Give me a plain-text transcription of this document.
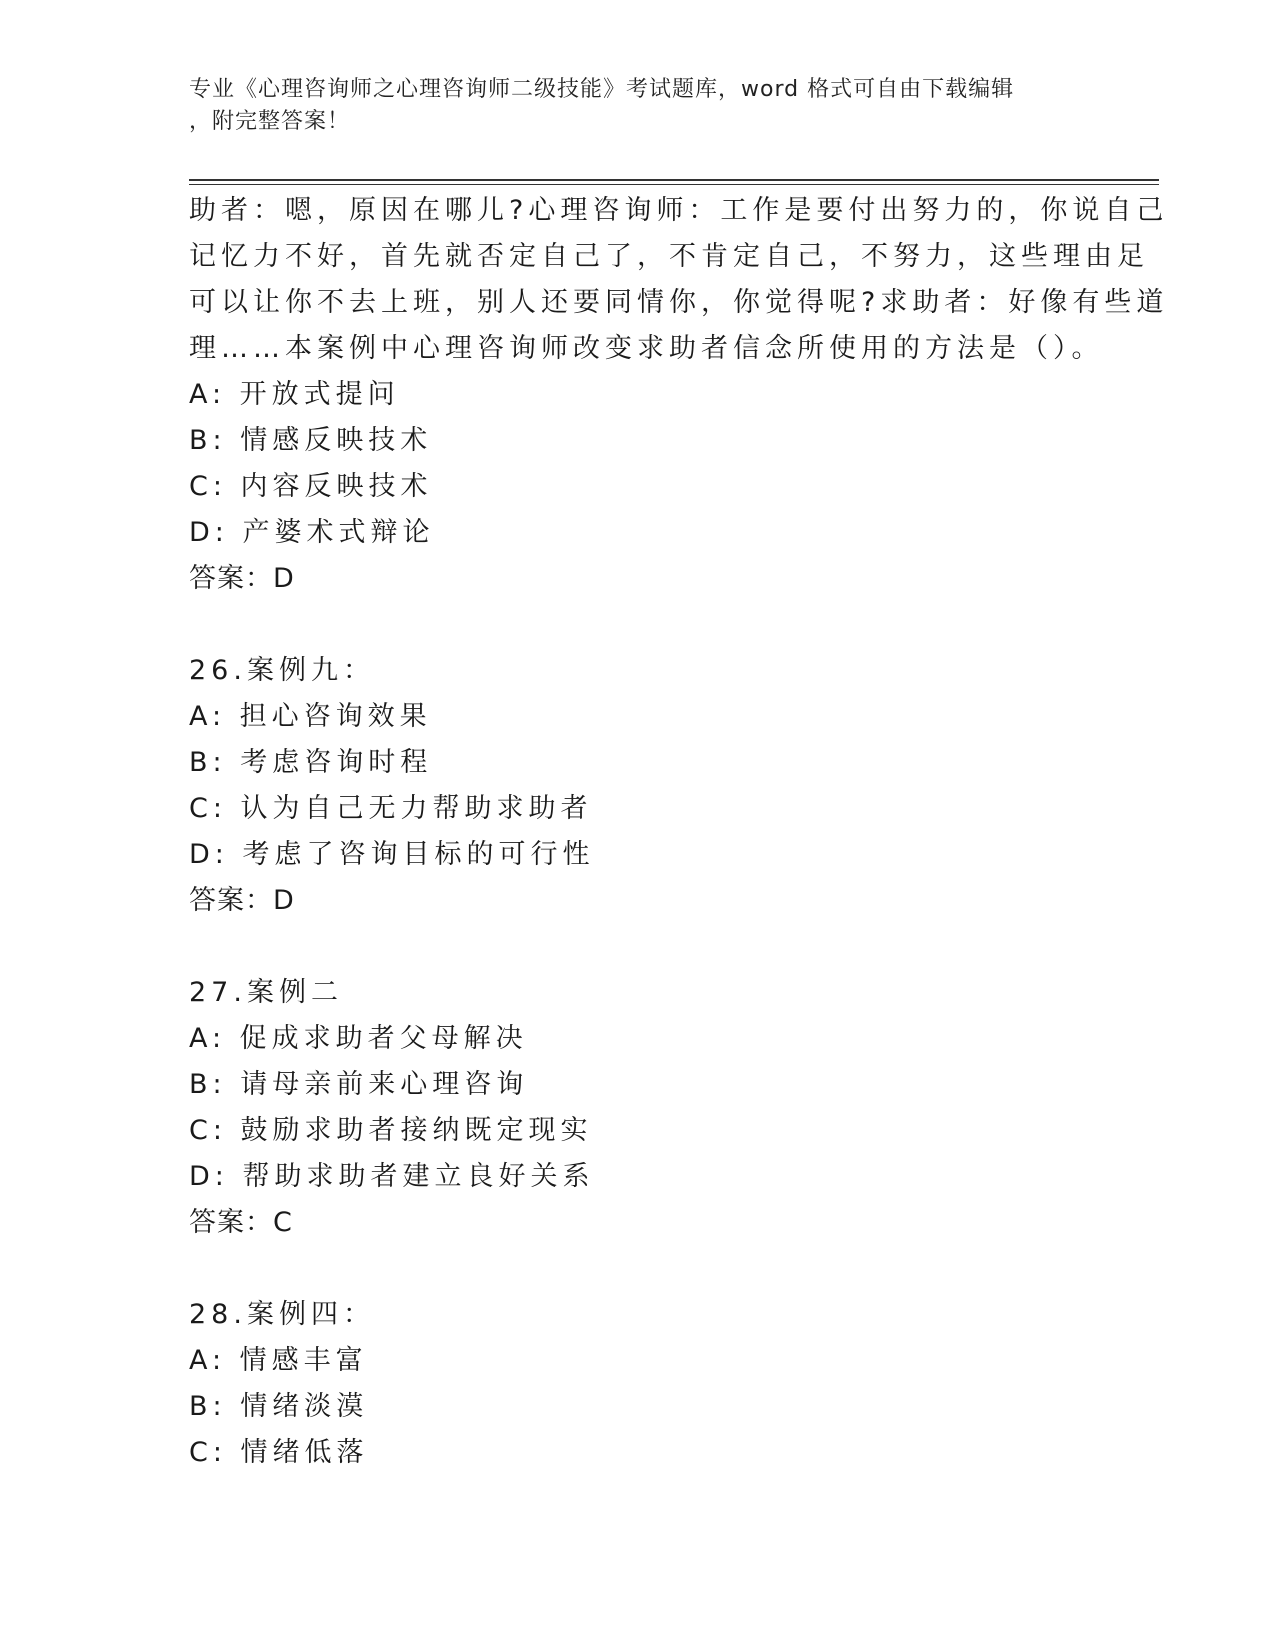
专业《心理咨询师之心理咨询师二级技能》考试题库，word 格式可自由下载编辑
，附完整答案！
助者：嗯，原因在哪儿?心理咨询师：工作是要付出努力的，你说自己
记忆力不好，首先就否定自己了，不肯定自己，不努力，这些理由足
可以让你不去上班，别人还要同情你，你觉得呢?求助者：好像有些道
理……本案例中心理咨询师改变求助者信念所使用的方法是（）。
A: 开放式提问
B: 情感反映技术
C: 内容反映技术
D: 产婆术式辩论
答案：D
26.案例九：
A: 担心咨询效果
B: 考虑咨询时程
C: 认为自己无力帮助求助者
D: 考虑了咨询目标的可行性
答案：D
27.案例二
A: 促成求助者父母解决
B: 请母亲前来心理咨询
C: 鼓励求助者接纳既定现实
D: 帮助求助者建立良好关系
答案：C
28.案例四：
A: 情感丰富
B: 情绪淡漠
C: 情绪低落
